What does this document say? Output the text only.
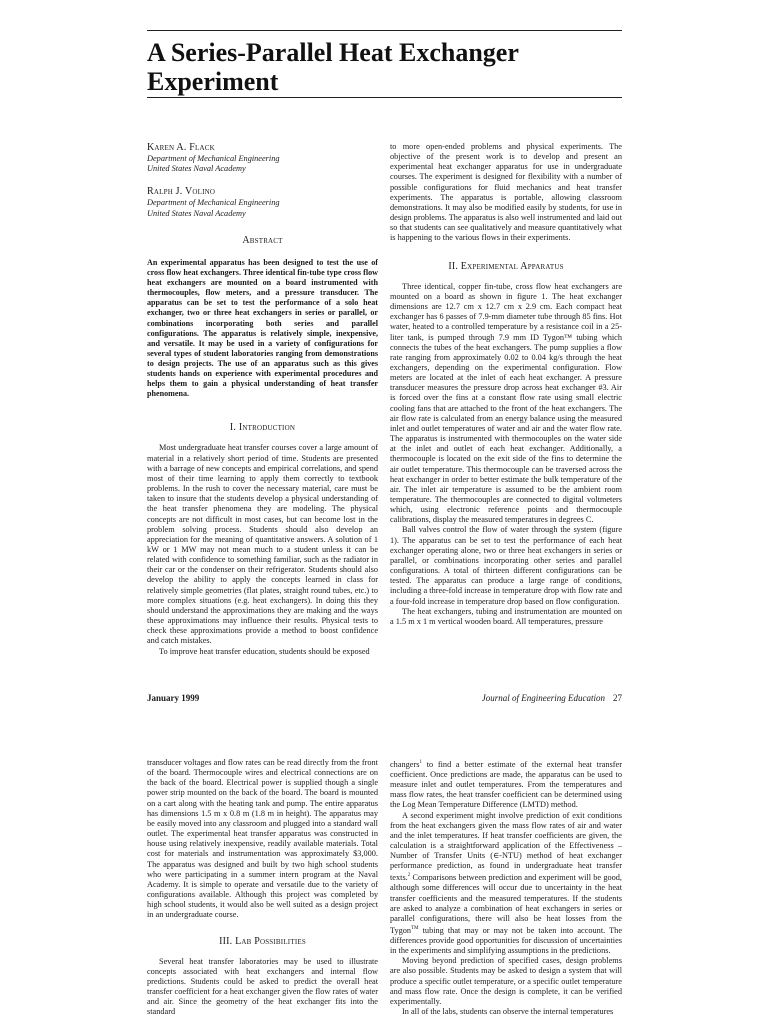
A Series-Parallel Heat Exchanger Experiment

Karen A. Flack

Department of Mechanical Engineering

United States Naval Academy

Ralph J. Volino

Department of Mechanical Engineering

United States Naval Academy

Abstract

An experimental apparatus has been designed to test the use of cross flow heat exchangers. Three identical fin-tube type cross flow heat exchangers are mounted on a board instrumented with thermocouples, flow meters, and a pressure transducer. The apparatus can be set to test the performance of a solo heat exchanger, two or three heat exchangers in series or parallel, or combinations incorporating both series and parallel configurations. The apparatus is relatively simple, inexpensive, and versatile. It may be used in a variety of configurations for several types of student laboratories ranging from demonstrations to design projects. The use of an apparatus such as this gives students hands on experience with experimental procedures and helps them to gain a physical understanding of heat transfer phenomena.

I. Introduction

Most undergraduate heat transfer courses cover a large amount of material in a relatively short period of time. Students are presented with a barrage of new concepts and empirical correlations, and spend most of their time learning to apply them correctly to textbook problems. In the rush to cover the necessary material, care must be taken to insure that the students develop a physical understanding of the heat transfer phenomena they are modeling. The physical concepts are not difficult in most cases, but can become lost in the problem solving process. Students should also develop an appreciation for the meaning of quantitative answers. A solution of 1 kW or 1 MW may not mean much to a student unless it can be related with confidence to something familiar, such as the radiator in their car or the condenser on their refrigerator. Students should also develop the ability to apply the concepts learned in class for relatively simple geometries (flat plates, straight round tubes, etc.) to more complex situations (e.g. heat exchangers). In doing this they should understand the approximations they are making and the ways these approximations may influence their results. Physical tests to check these approximations provide a method to boost confidence and catch mistakes.

To improve heat transfer education, students should be exposed

to more open-ended problems and physical experiments. The objective of the present work is to develop and present an experimental heat exchanger apparatus for use in undergraduate courses. The experiment is designed for flexibility with a number of possible configurations for fluid mechanics and heat transfer experiments. The apparatus is portable, allowing classroom demonstrations. It may also be modified easily by students, for use in design problems. The apparatus is also well instrumented and laid out so that students can see qualitatively and measure quantitatively what is happening to the various flows in their experiments.

II. Experimental Apparatus

Three identical, copper fin-tube, cross flow heat exchangers are mounted on a board as shown in figure 1. The heat exchanger dimensions are 12.7 cm x 12.7 cm x 2.9 cm. Each compact heat exchanger has 6 passes of 7.9-mm diameter tube through 85 fins. Hot water, heated to a controlled temperature by a resistance coil in a 25-liter tank, is pumped through 7.9 mm ID Tygon™ tubing which connects the tubes of the heat exchangers. The pump supplies a flow rate ranging from approximately 0.02 to 0.04 kg/s through the heat exchangers, depending on the experimental configuration. Flow meters are located at the inlet of each heat exchanger. A pressure transducer measures the pressure drop across heat exchanger #3. Air is forced over the fins at a constant flow rate using small electric cooling fans that are attached to the front of the heat exchangers. The air flow rate is calculated from an energy balance using the measured inlet and outlet temperatures of water and air and the water flow rate. The apparatus is instrumented with thermocouples on the water side at the inlet and outlet of each heat exchanger. Additionally, a thermocouple is located on the exit side of the fins to determine the air outlet temperature. This thermocouple can be traversed across the heat exchanger in order to better estimate the bulk temperature of the air. The inlet air temperature is assumed to be the ambient room temperature. The thermocouples are connected to digital voltmeters which, using electronic reference points and thermocouple calibrations, display the measured temperatures in degrees C.

Ball valves control the flow of water through the system (figure 1). The apparatus can be set to test the performance of each heat exchanger operating alone, two or three heat exchangers in series or parallel, or combinations incorporating other series and parallel configurations. A total of thirteen different configurations can be tested. The apparatus can produce a large range of conditions, including a three-fold increase in temperature drop with flow rate and a four-fold increase in temperature drop based on flow configuration.

The heat exchangers, tubing and instrumentation are mounted on a 1.5 m x 1 m vertical wooden board. All temperatures, pressure

January 1999	Journal of Engineering Education 27

transducer voltages and flow rates can be read directly from the front of the board. Thermocouple wires and electrical connections are on the back of the board. Electrical power is supplied though a single power strip mounted on the back of the board. The board is mounted on a cart along with the heating tank and pump. The entire apparatus has dimensions 1.5 m x 0.8 m (1.8 m in height). The apparatus may be easily moved into any classroom and plugged into a standard wall outlet. The experimental heat transfer apparatus was constructed in house using relatively inexpensive, readily available materials. Total cost for materials and instrumentation was approximately $3,000. The apparatus was designed and built by two high school students who were participating in a summer intern program at the Naval Academy. It is simple to operate and versatile due to the variety of configurations available. Although this project was completed by high school students, it would also be well suited as a design project in an undergraduate course.

III. Lab Possibilities

Several heat transfer laboratories may be used to illustrate concepts associated with heat exchangers and internal flow predictions. Students could be asked to predict the overall heat transfer coefficient for a heat exchanger given the flow rates of water and air. Since the geometry of the heat exchanger fits into the standard

changers$^1$ to find a better estimate of the external heat transfer coefficient. Once predictions are made, the apparatus can be used to measure inlet and outlet temperatures. From the temperatures and mass flow rates, the heat transfer coefficient can be determined using the Log Mean Temperature Difference (LMTD) method.

A second experiment might involve prediction of exit conditions from the heat exchangers given the mass flow rates of air and water and the inlet temperatures. If heat transfer coefficients are given, the calculation is a straightforward application of the Effectiveness – Number of Transfer Units (∈-NTU) method of heat exchanger performance prediction, as found in undergraduate heat transfer texts.$^2$ Comparisons between prediction and experiment will be good, although some differences will occur due to uncertainty in the heat transfer coefficients and the measured temperatures. If the students are asked to analyze a combination of heat exchangers in series or parallel configurations, there will also be heat losses from the Tygon™ tubing that may or may not be taken into account. The differences provide good opportunities for discussion of uncertainties in the experiments and simplifying assumptions in the predictions.

Moving beyond prediction of specified cases, design problems are also possible. Students may be asked to design a system that will produce a specific outlet temperature, or a specific outlet temperature and mass flow rate. Once the design is complete, it can be verified experimentally.

In all of the labs, students can observe the internal temperatures
